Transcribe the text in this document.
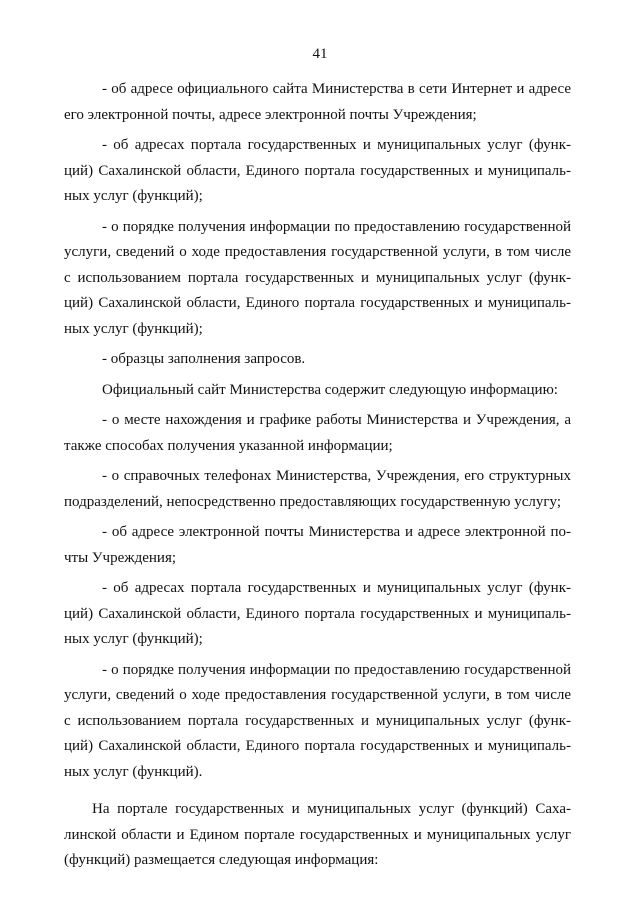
41

- об адресе официального сайта Министерства в сети Интернет и адресе его электронной почты, адресе электронной почты Учреждения;

- об адресах портала государственных и муниципальных услуг (функций) Сахалинской области, Единого портала государственных и муниципальных услуг (функций);

- о порядке получения информации по предоставлению государственной услуги, сведений о ходе предоставления государственной услуги, в том числе с использованием портала государственных и муниципальных услуг (функций) Сахалинской области, Единого портала государственных и муниципальных услуг (функций);

- образцы заполнения запросов.

Официальный сайт Министерства содержит следующую информацию:

- о месте нахождения и графике работы Министерства и Учреждения, а также способах получения указанной информации;

- о справочных телефонах Министерства, Учреждения, его структурных подразделений, непосредственно предоставляющих государственную услугу;

- об адресе электронной почты Министерства и адресе электронной почты Учреждения;

- об адресах портала государственных и муниципальных услуг (функций) Сахалинской области, Единого портала государственных и муниципальных услуг (функций);

- о порядке получения информации по предоставлению государственной услуги, сведений о ходе предоставления государственной услуги, в том числе с использованием портала государственных и муниципальных услуг (функций) Сахалинской области, Единого портала государственных и муниципальных услуг (функций).

На портале государственных и муниципальных услуг (функций) Сахалинской области и Едином портале государственных и муниципальных услуг (функций) размещается следующая информация:
